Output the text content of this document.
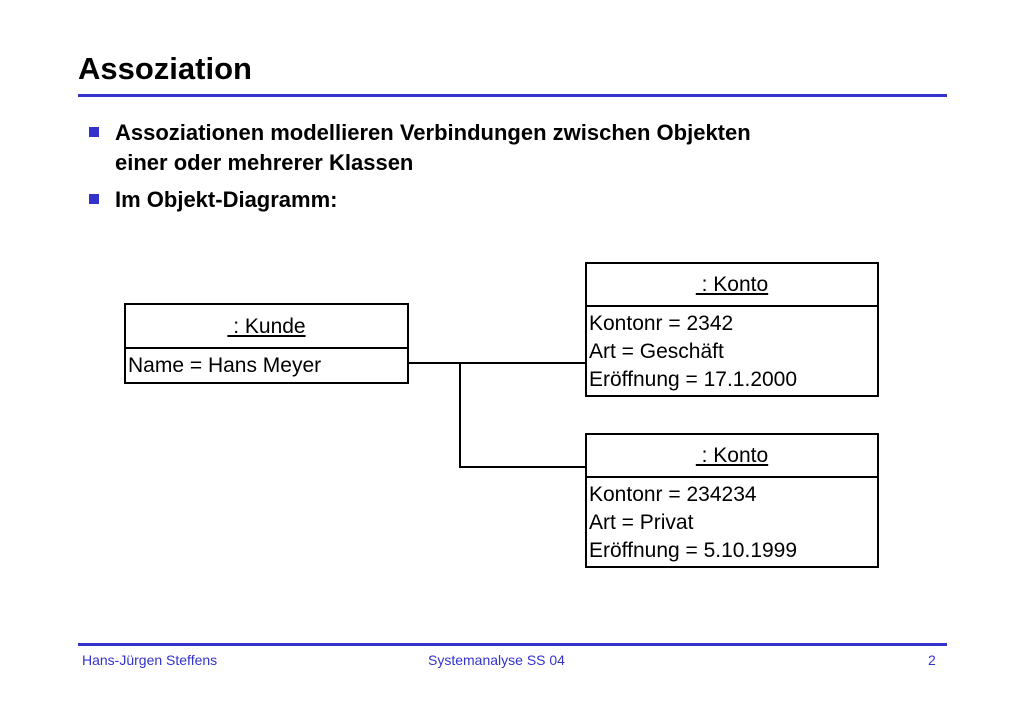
Assoziation
Assoziationen modellieren Verbindungen zwischen Objekten
einer oder mehrerer Klassen
Im Objekt-Diagramm:
: Kunde
Name = Hans Meyer
: Konto
Kontonr = 2342
Art = Geschäft
Eröffnung = 17.1.2000
: Konto
Kontonr = 234234
Art = Privat
Eröffnung = 5.10.1999
Hans-Jürgen Steffens	Systemanalyse SS 04	2
